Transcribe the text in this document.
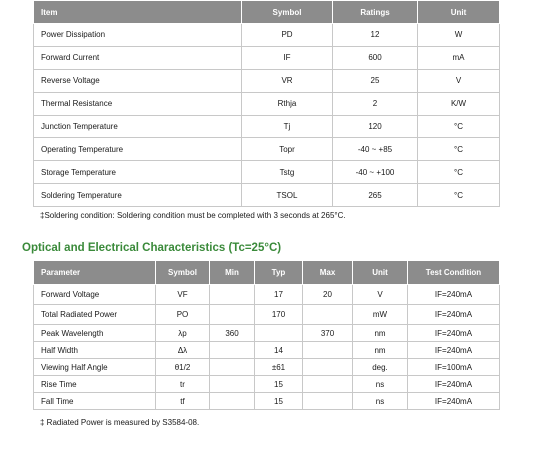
Item	Symbol	Ratings	Unit
Power Dissipation	PD	12	W
Forward Current	IF	600	mA
Reverse Voltage	VR	25	V
Thermal Resistance	Rthja	2	K/W
Junction Temperature	Tj	120	°C
Operating Temperature	Topr	-40 ~ +85	°C
Storage Temperature	Tstg	-40 ~ +100	°C
Soldering Temperature	TSOL	265	°C
‡Soldering condition: Soldering condition must be completed with 3 seconds at 265°C.
Optical and Electrical Characteristics (Tc=25°C)
Parameter	Symbol	Min	Typ	Max	Unit	Test Condition
Forward Voltage	VF		17	20	V	IF=240mA
Total Radiated Power	PO		170		mW	IF=240mA
Peak Wavelength	λp	360		370	nm	IF=240mA
Half Width	Δλ		14		nm	IF=240mA
Viewing Half Angle	θ1/2		±61		deg.	IF=100mA
Rise Time	tr		15		ns	IF=240mA
Fall Time	tf		15		ns	IF=240mA
‡ Radiated Power is measured by S3584-08.
